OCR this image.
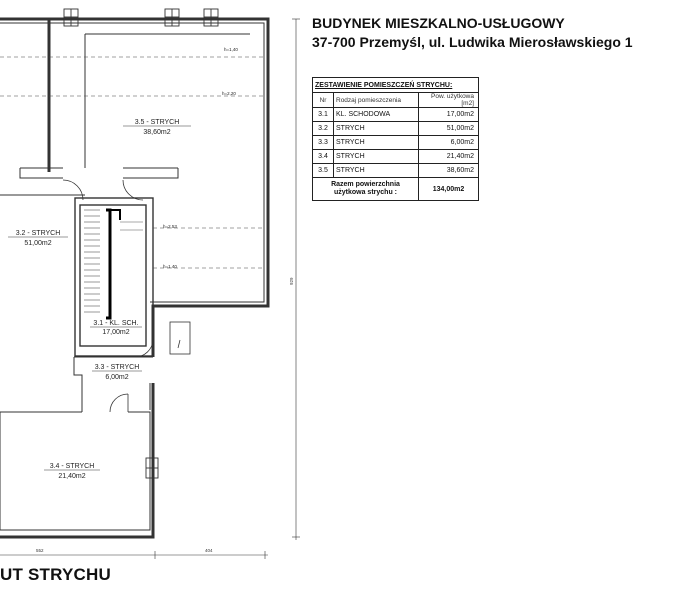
3.5 - STRYCH
38,60m2
3.2 - STRYCH
51,00m2
3.1 - KL. SCH.
17,00m2
3.3 - STRYCH
6,00m2
3.4 - STRYCH
21,40m2
h=1,40
h=2,20
h=2,53
h=1,40
552	404
929
BUDYNEK MIESZKALNO-USŁUGOWY
37-700 Przemyśl, ul. Ludwika Mierosławskiego 1
ZESTAWIENIE POMIESZCZEŃ STRYCHU:		
Nr	Rodzaj pomieszczenia	Pow. użytkowa [m2]
3.1	KL. SCHODOWA	17,00m2
3.2	STRYCH	51,00m2
3.3	STRYCH	6,00m2
3.4	STRYCH	21,40m2
3.5	STRYCH	38,60m2
Razem powierzchnia
użytkowa strychu :		134,00m2
UT STRYCHU
